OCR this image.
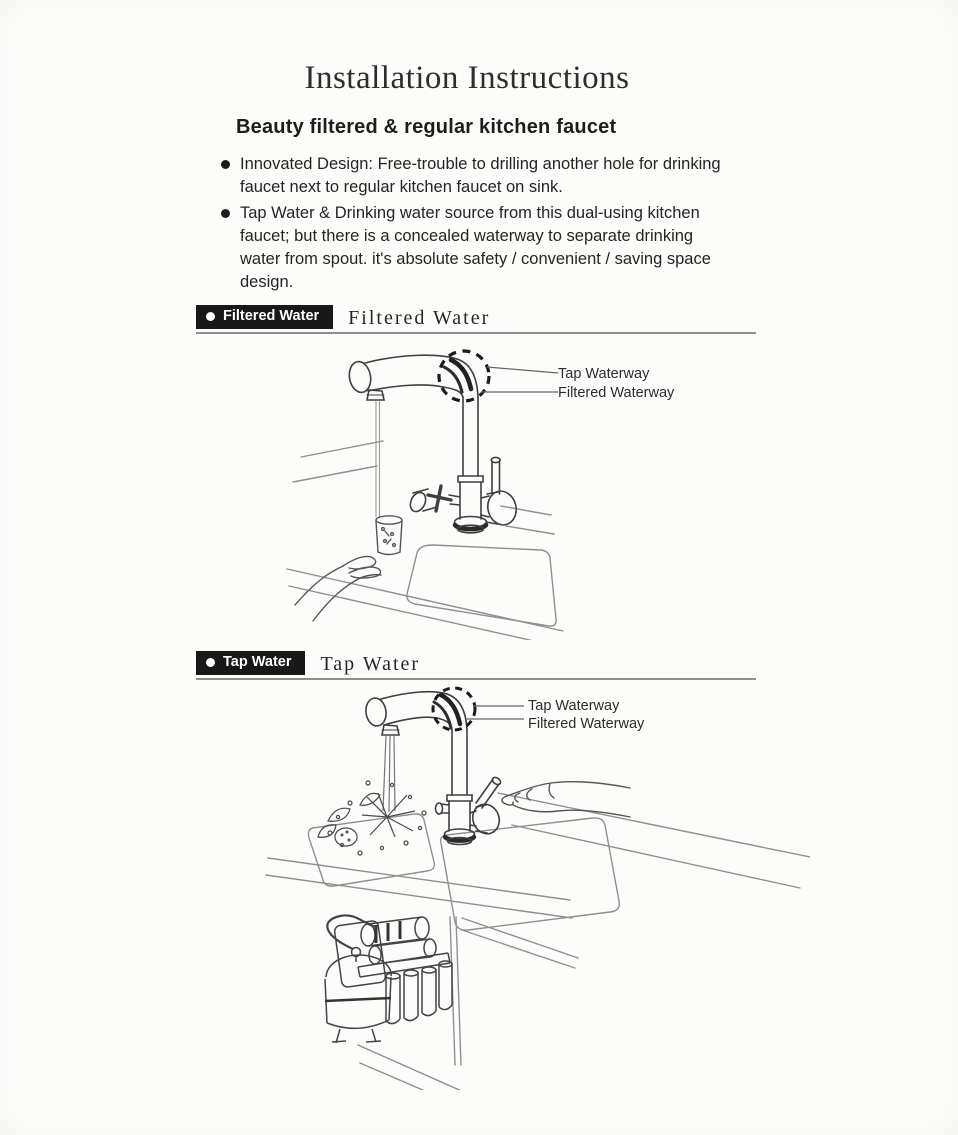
Installation Instructions
Beauty filtered & regular kitchen faucet
Innovated Design: Free-trouble to drilling another hole for drinking faucet next to regular kitchen faucet on sink.
Tap Water & Drinking water source from this dual-using kitchen faucet; but there is a concealed waterway to separate drinking water from spout. it's absolute safety / convenient / saving space design.
Filtered Water Filtered Water
Tap Waterway
Filtered Waterway
Tap Water Tap Water
Tap Waterway
Filtered Waterway
